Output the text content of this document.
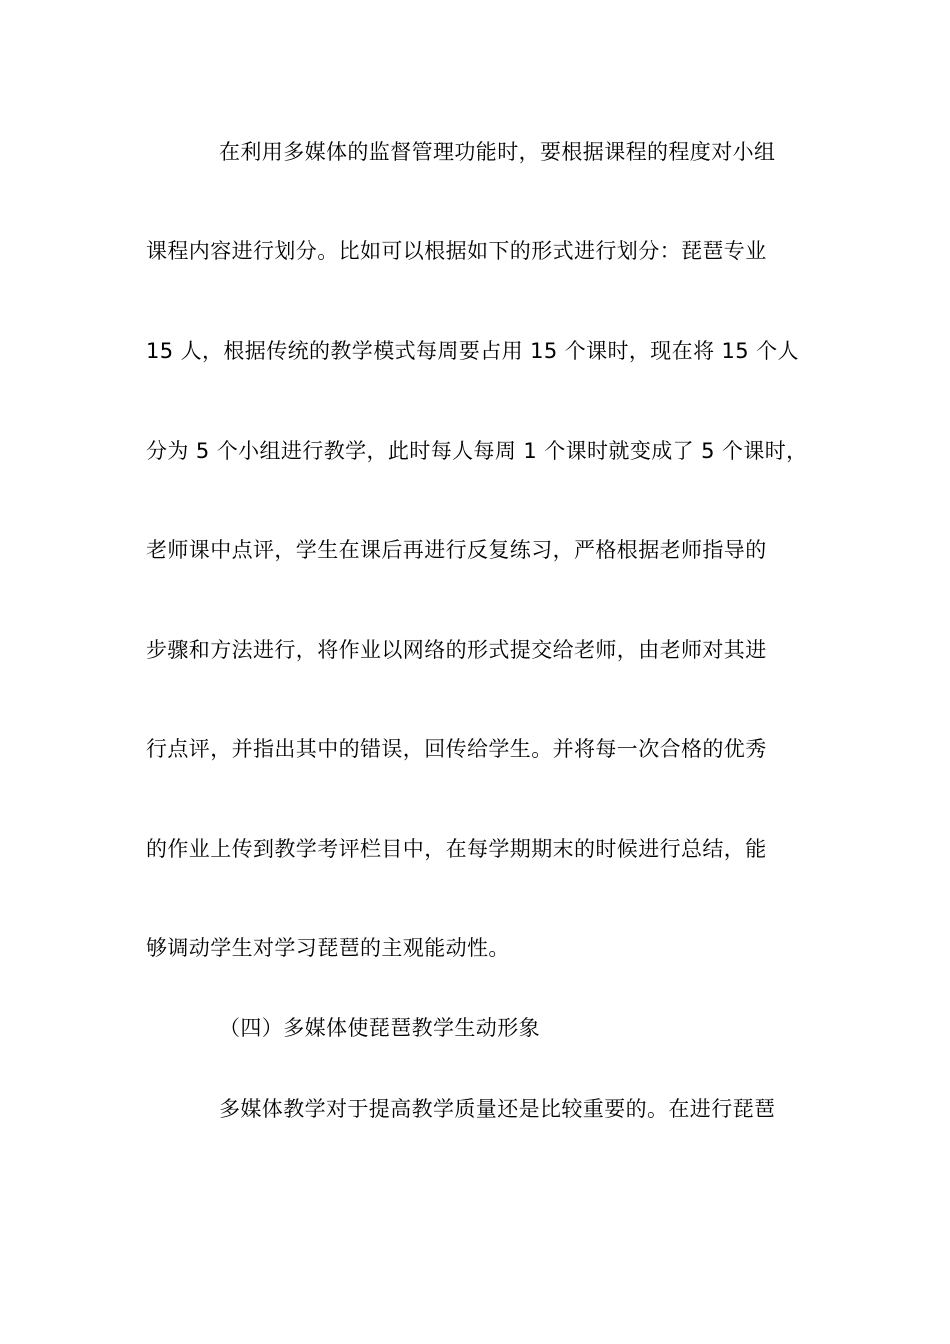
在利用多媒体的监督管理功能时，要根据课程的程度对小组
课程内容进行划分。比如可以根据如下的形式进行划分：琵琶专业
15 人，根据传统的教学模式每周要占用 15 个课时，现在将 15 个人
分为 5 个小组进行教学，此时每人每周 1 个课时就变成了 5 个课时，
老师课中点评，学生在课后再进行反复练习，严格根据老师指导的
步骤和方法进行，将作业以网络的形式提交给老师，由老师对其进
行点评，并指出其中的错误，回传给学生。并将每一次合格的优秀
的作业上传到教学考评栏目中，在每学期期末的时候进行总结，能
够调动学生对学习琵琶的主观能动性。
（四）多媒体使琵琶教学生动形象
多媒体教学对于提高教学质量还是比较重要的。在进行琵琶
